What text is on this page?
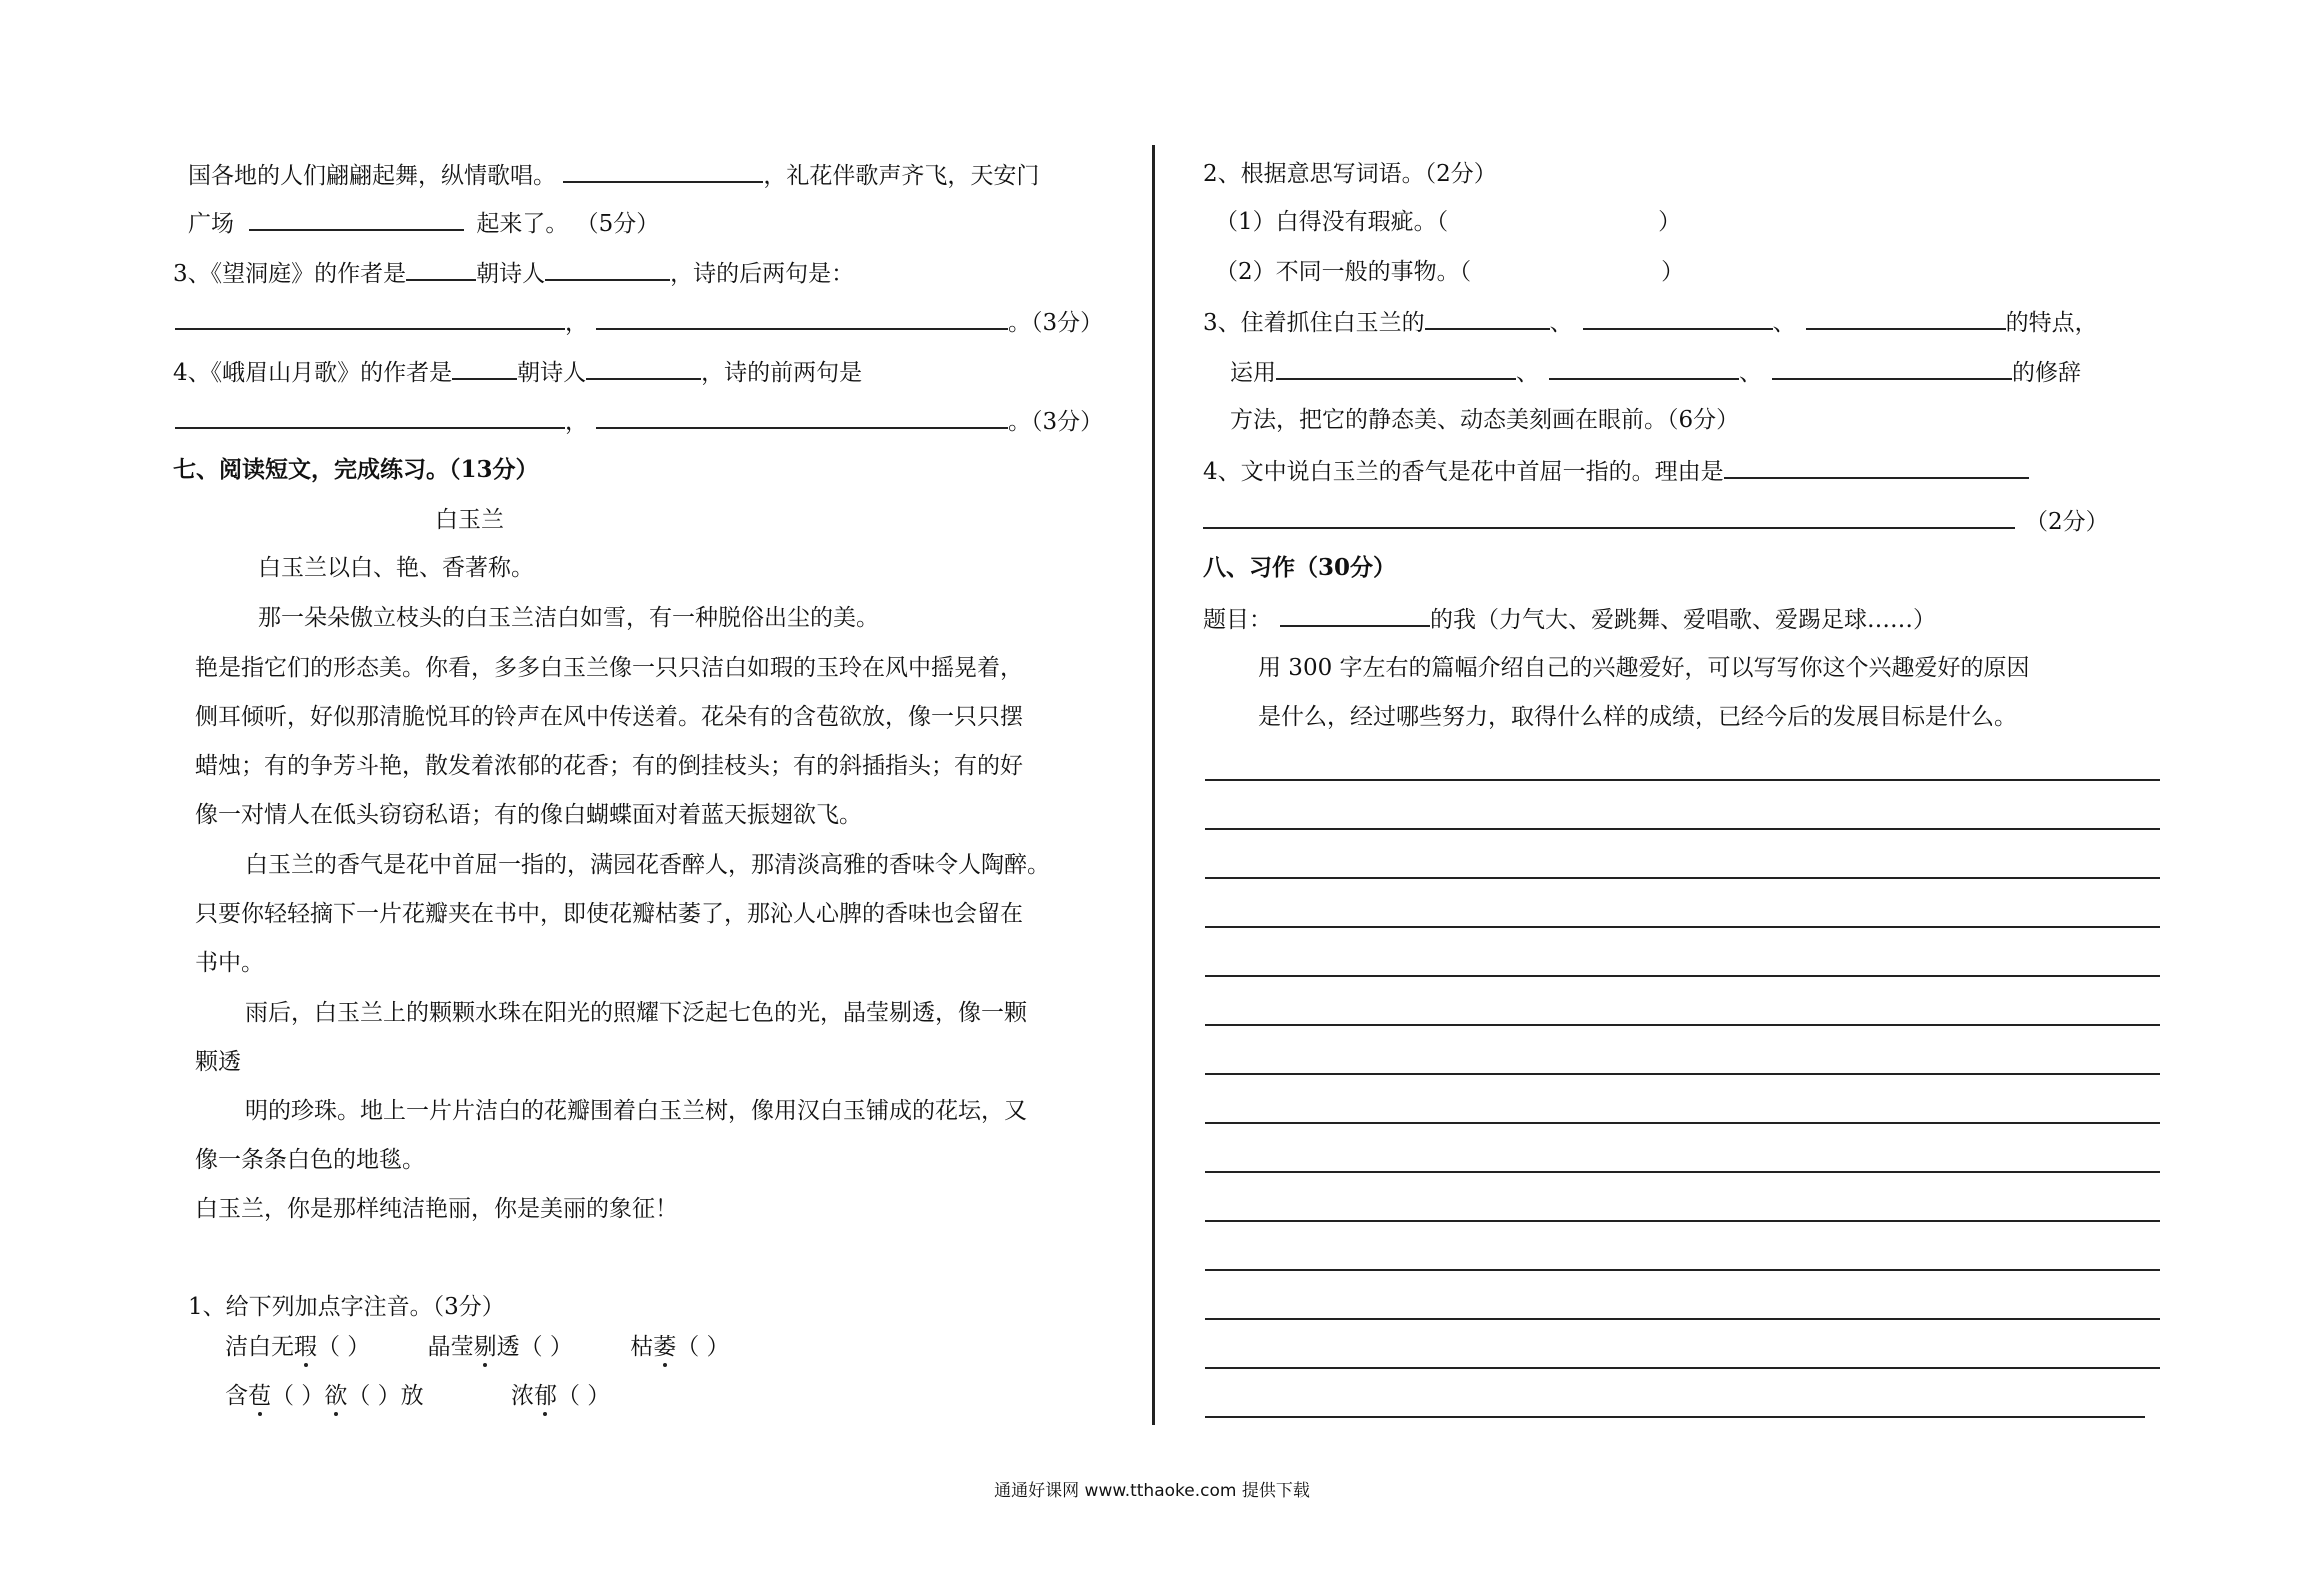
国各地的人们翩翩起舞，纵情歌唱。	，礼花伴歌声齐飞，天安门
广场	起来了。 （5分）
3、《望洞庭》的作者是	朝诗人	，诗的后两句是：
，	。（3分）
4、《峨眉山月歌》的作者是	朝诗人	，诗的前两句是
，	。（3分）
七、阅读短文，完成练习。（13分）
白玉兰
白玉兰以白、艳、香著称。
那一朵朵傲立枝头的白玉兰洁白如雪，有一种脱俗出尘的美。
艳是指它们的形态美。你看，多多白玉兰像一只只洁白如瑕的玉玲在风中摇晃着，
侧耳倾听，好似那清脆悦耳的铃声在风中传送着。花朵有的含苞欲放，像一只只摆
蜡烛；有的争芳斗艳，散发着浓郁的花香；有的倒挂枝头；有的斜插指头；有的好
像一对情人在低头窃窃私语；有的像白蝴蝶面对着蓝天振翅欲飞。
白玉兰的香气是花中首屈一指的，满园花香醉人，那清淡高雅的香味令人陶醉。
只要你轻轻摘下一片花瓣夹在书中，即使花瓣枯萎了，那沁人心脾的香味也会留在
书中。
雨后，白玉兰上的颗颗水珠在阳光的照耀下泛起七色的光，晶莹剔透，像一颗
颗透
明的珍珠。地上一片片洁白的花瓣围着白玉兰树，像用汉白玉铺成的花坛，又
像一条条白色的地毯。
白玉兰，你是那样纯洁艳丽，你是美丽的象征！
1、给下列加点字注音。（3分）
洁白无瑕（ ） 晶莹剔透（ ） 枯萎（ ）
含苞（ ）欲（ ）放	浓郁（ ）
2、根据意思写词语。（2分）
（1）白得没有瑕疵。（	）
（2）不同一般的事物。（	）
3、住着抓住白玉兰的	、	、	的特点，
运用	、	、	的修辞
方法，把它的静态美、动态美刻画在眼前。（6分）
4、文中说白玉兰的香气是花中首屈一指的。理由是
（2分）
八、习作（30分）
题目：	的我（力气大、爱跳舞、爱唱歌、爱踢足球……）
用 300 字左右的篇幅介绍自己的兴趣爱好，可以写写你这个兴趣爱好的原因
是什么，经过哪些努力，取得什么样的成绩，已经今后的发展目标是什么。
通通好课网 www.tthaoke.com 提供下载
